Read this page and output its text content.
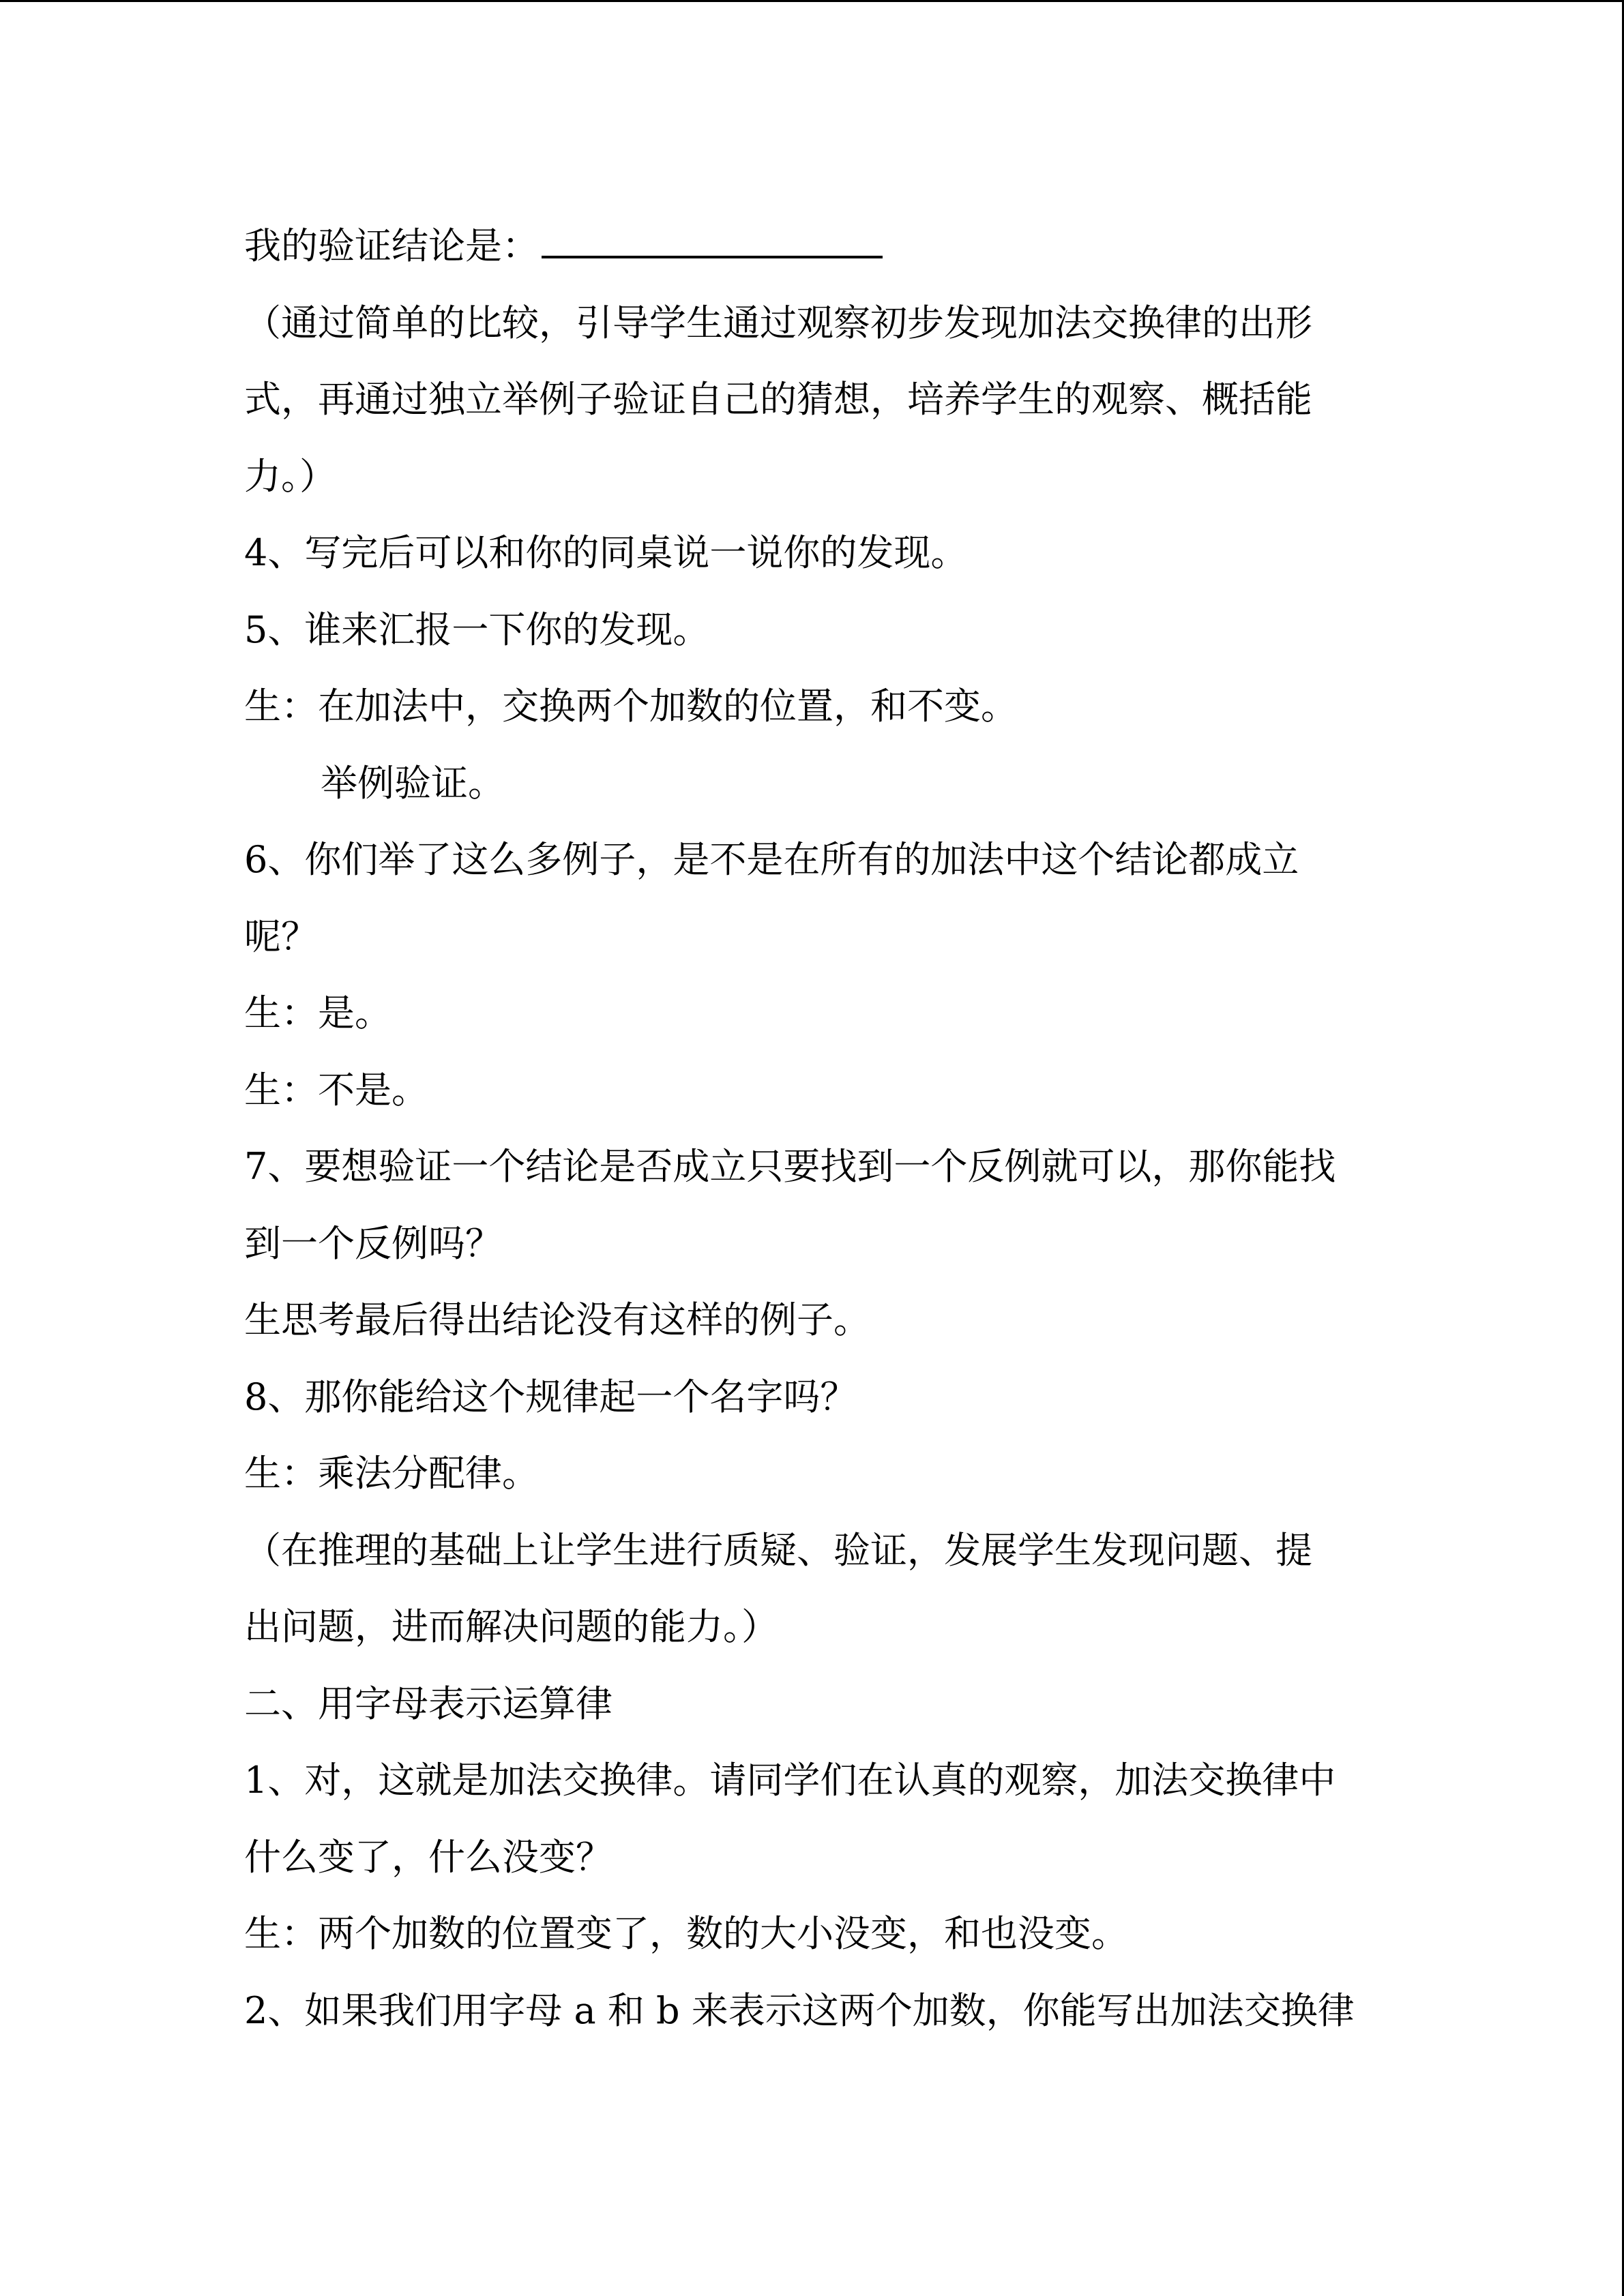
我的验证结论是：
（通过简单的比较，引导学生通过观察初步发现加法交换律的出形
式，再通过独立举例子验证自己的猜想，培养学生的观察、概括能
力。）
4、写完后可以和你的同桌说一说你的发现。
5、谁来汇报一下你的发现。
生：在加法中，交换两个加数的位置，和不变。
举例验证。
6、你们举了这么多例子，是不是在所有的加法中这个结论都成立
呢？
生：是。
生：不是。
7、要想验证一个结论是否成立只要找到一个反例就可以，那你能找
到一个反例吗？
生思考最后得出结论没有这样的例子。
8、那你能给这个规律起一个名字吗？
生：乘法分配律。
（在推理的基础上让学生进行质疑、验证，发展学生发现问题、提
出问题，进而解决问题的能力。）
二、用字母表示运算律
1、对，这就是加法交换律。请同学们在认真的观察，加法交换律中
什么变了，什么没变？
生：两个加数的位置变了，数的大小没变，和也没变。
2、如果我们用字母 a 和 b 来表示这两个加数，你能写出加法交换律
